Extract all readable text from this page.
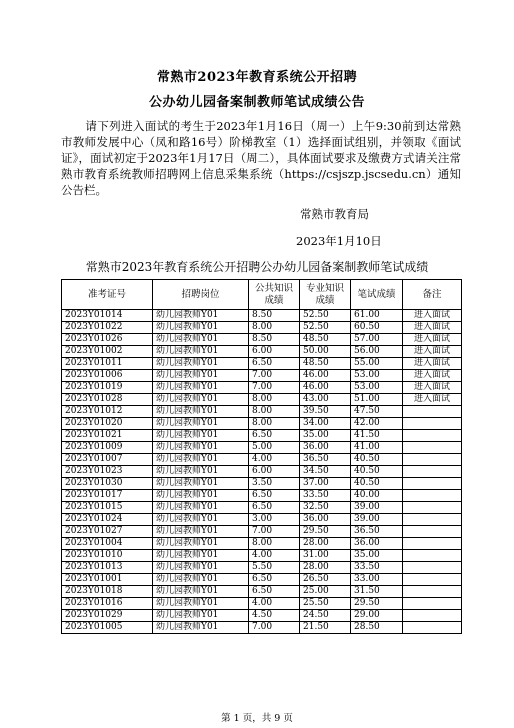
常熟市2023年教育系统公开招聘
公办幼儿园备案制教师笔试成绩公告
请下列进入面试的考生于2023年1月16日（周一）上午9:30前到达常熟市教师发展中心（凤和路16号）阶梯教室（1）选择面试组别，并领取《面试证》，面试初定于2023年1月17日（周二），具体面试要求及缴费方式请关注常熟市教育系统教师招聘网上信息采集系统（https://csjszp.jscsedu.cn）通知公告栏。
常熟市教育局
2023年1月10日
常熟市2023年教育系统公开招聘公办幼儿园备案制教师笔试成绩
准考证号	招聘岗位	公共知识成绩	专业知识成绩	笔试成绩	备注
2023Y01014	幼儿园教师Y01	8.50	52.50	61.00	进入面试
2023Y01022	幼儿园教师Y01	8.00	52.50	60.50	进入面试
2023Y01026	幼儿园教师Y01	8.50	48.50	57.00	进入面试
2023Y01002	幼儿园教师Y01	6.00	50.00	56.00	进入面试
2023Y01011	幼儿园教师Y01	6.50	48.50	55.00	进入面试
2023Y01006	幼儿园教师Y01	7.00	46.00	53.00	进入面试
2023Y01019	幼儿园教师Y01	7.00	46.00	53.00	进入面试
2023Y01028	幼儿园教师Y01	8.00	43.00	51.00	进入面试
2023Y01012	幼儿园教师Y01	8.00	39.50	47.50	
2023Y01020	幼儿园教师Y01	8.00	34.00	42.00	
2023Y01021	幼儿园教师Y01	6.50	35.00	41.50	
2023Y01009	幼儿园教师Y01	5.00	36.00	41.00	
2023Y01007	幼儿园教师Y01	4.00	36.50	40.50	
2023Y01023	幼儿园教师Y01	6.00	34.50	40.50	
2023Y01030	幼儿园教师Y01	3.50	37.00	40.50	
2023Y01017	幼儿园教师Y01	6.50	33.50	40.00	
2023Y01015	幼儿园教师Y01	6.50	32.50	39.00	
2023Y01024	幼儿园教师Y01	3.00	36.00	39.00	
2023Y01027	幼儿园教师Y01	7.00	29.50	36.50	
2023Y01004	幼儿园教师Y01	8.00	28.00	36.00	
2023Y01010	幼儿园教师Y01	4.00	31.00	35.00	
2023Y01013	幼儿园教师Y01	5.50	28.00	33.50	
2023Y01001	幼儿园教师Y01	6.50	26.50	33.00	
2023Y01018	幼儿园教师Y01	6.50	25.00	31.50	
2023Y01016	幼儿园教师Y01	4.00	25.50	29.50	
2023Y01029	幼儿园教师Y01	4.50	24.50	29.00	
2023Y01005	幼儿园教师Y01	7.00	21.50	28.50	
第 1 页，共 9 页
